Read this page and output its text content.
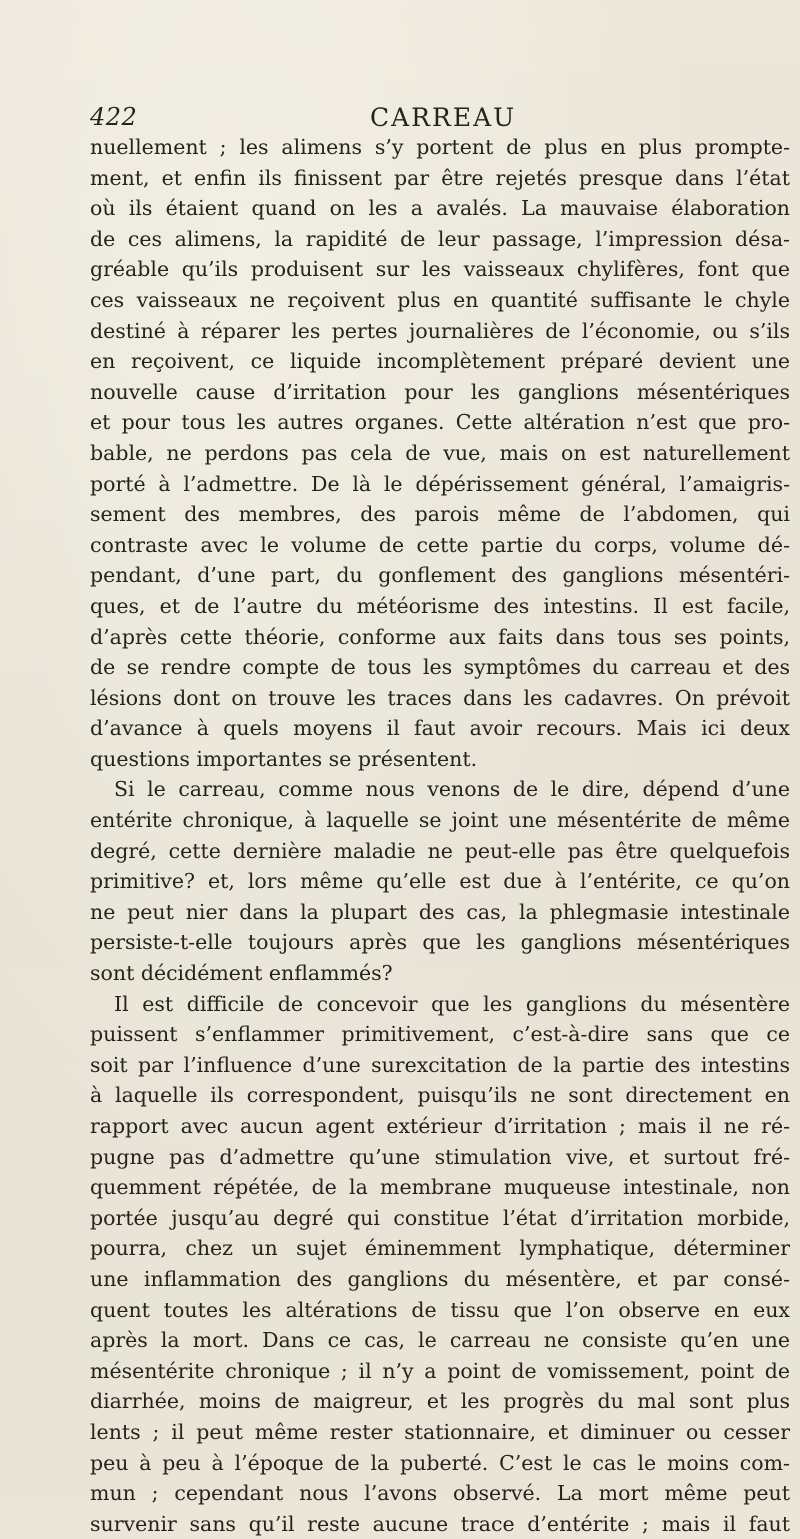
422	CARREAU
nuellement ; les alimens s’y portent de plus en plus prompte-
ment, et enfin ils finissent par être rejetés presque dans l’état
où ils étaient quand on les a avalés. La mauvaise élaboration
de ces alimens, la rapidité de leur passage, l’impression désa-
gréable qu’ils produisent sur les vaisseaux chylifères, font que
ces vaisseaux ne reçoivent plus en quantité suffisante le chyle
destiné à réparer les pertes journalières de l’économie, ou s’ils
en reçoivent, ce liquide incomplètement préparé devient une
nouvelle cause d’irritation pour les ganglions mésentériques
et pour tous les autres organes. Cette altération n’est que pro-
bable, ne perdons pas cela de vue, mais on est naturellement
porté à l’admettre. De là le dépérissement général, l’amaigris-
sement des membres, des parois même de l’abdomen, qui
contraste avec le volume de cette partie du corps, volume dé-
pendant, d’une part, du gonflement des ganglions mésentéri-
ques, et de l’autre du météorisme des intestins. Il est facile,
d’après cette théorie, conforme aux faits dans tous ses points,
de se rendre compte de tous les symptômes du carreau et des
lésions dont on trouve les traces dans les cadavres. On prévoit
d’avance à quels moyens il faut avoir recours. Mais ici deux
questions importantes se présentent.
Si le carreau, comme nous venons de le dire, dépend d’une
entérite chronique, à laquelle se joint une mésentérite de même
degré, cette dernière maladie ne peut-elle pas être quelquefois
primitive? et, lors même qu’elle est due à l’entérite, ce qu’on
ne peut nier dans la plupart des cas, la phlegmasie intestinale
persiste-t-elle toujours après que les ganglions mésentériques
sont décidément enflammés?
Il est difficile de concevoir que les ganglions du mésentère
puissent s’enflammer primitivement, c’est-à-dire sans que ce
soit par l’influence d’une surexcitation de la partie des intestins
à laquelle ils correspondent, puisqu’ils ne sont directement en
rapport avec aucun agent extérieur d’irritation ; mais il ne ré-
pugne pas d’admettre qu’une stimulation vive, et surtout fré-
quemment répétée, de la membrane muqueuse intestinale, non
portée jusqu’au degré qui constitue l’état d’irritation morbide,
pourra, chez un sujet éminemment lymphatique, déterminer
une inflammation des ganglions du mésentère, et par consé-
quent toutes les altérations de tissu que l’on observe en eux
après la mort. Dans ce cas, le carreau ne consiste qu’en une
mésentérite chronique ; il n’y a point de vomissement, point de
diarrhée, moins de maigreur, et les progrès du mal sont plus
lents ; il peut même rester stationnaire, et diminuer ou cesser
peu à peu à l’époque de la puberté. C’est le cas le moins com-
mun ; cependant nous l’avons observé. La mort même peut
survenir sans qu’il reste aucune trace d’entérite ; mais il faut
